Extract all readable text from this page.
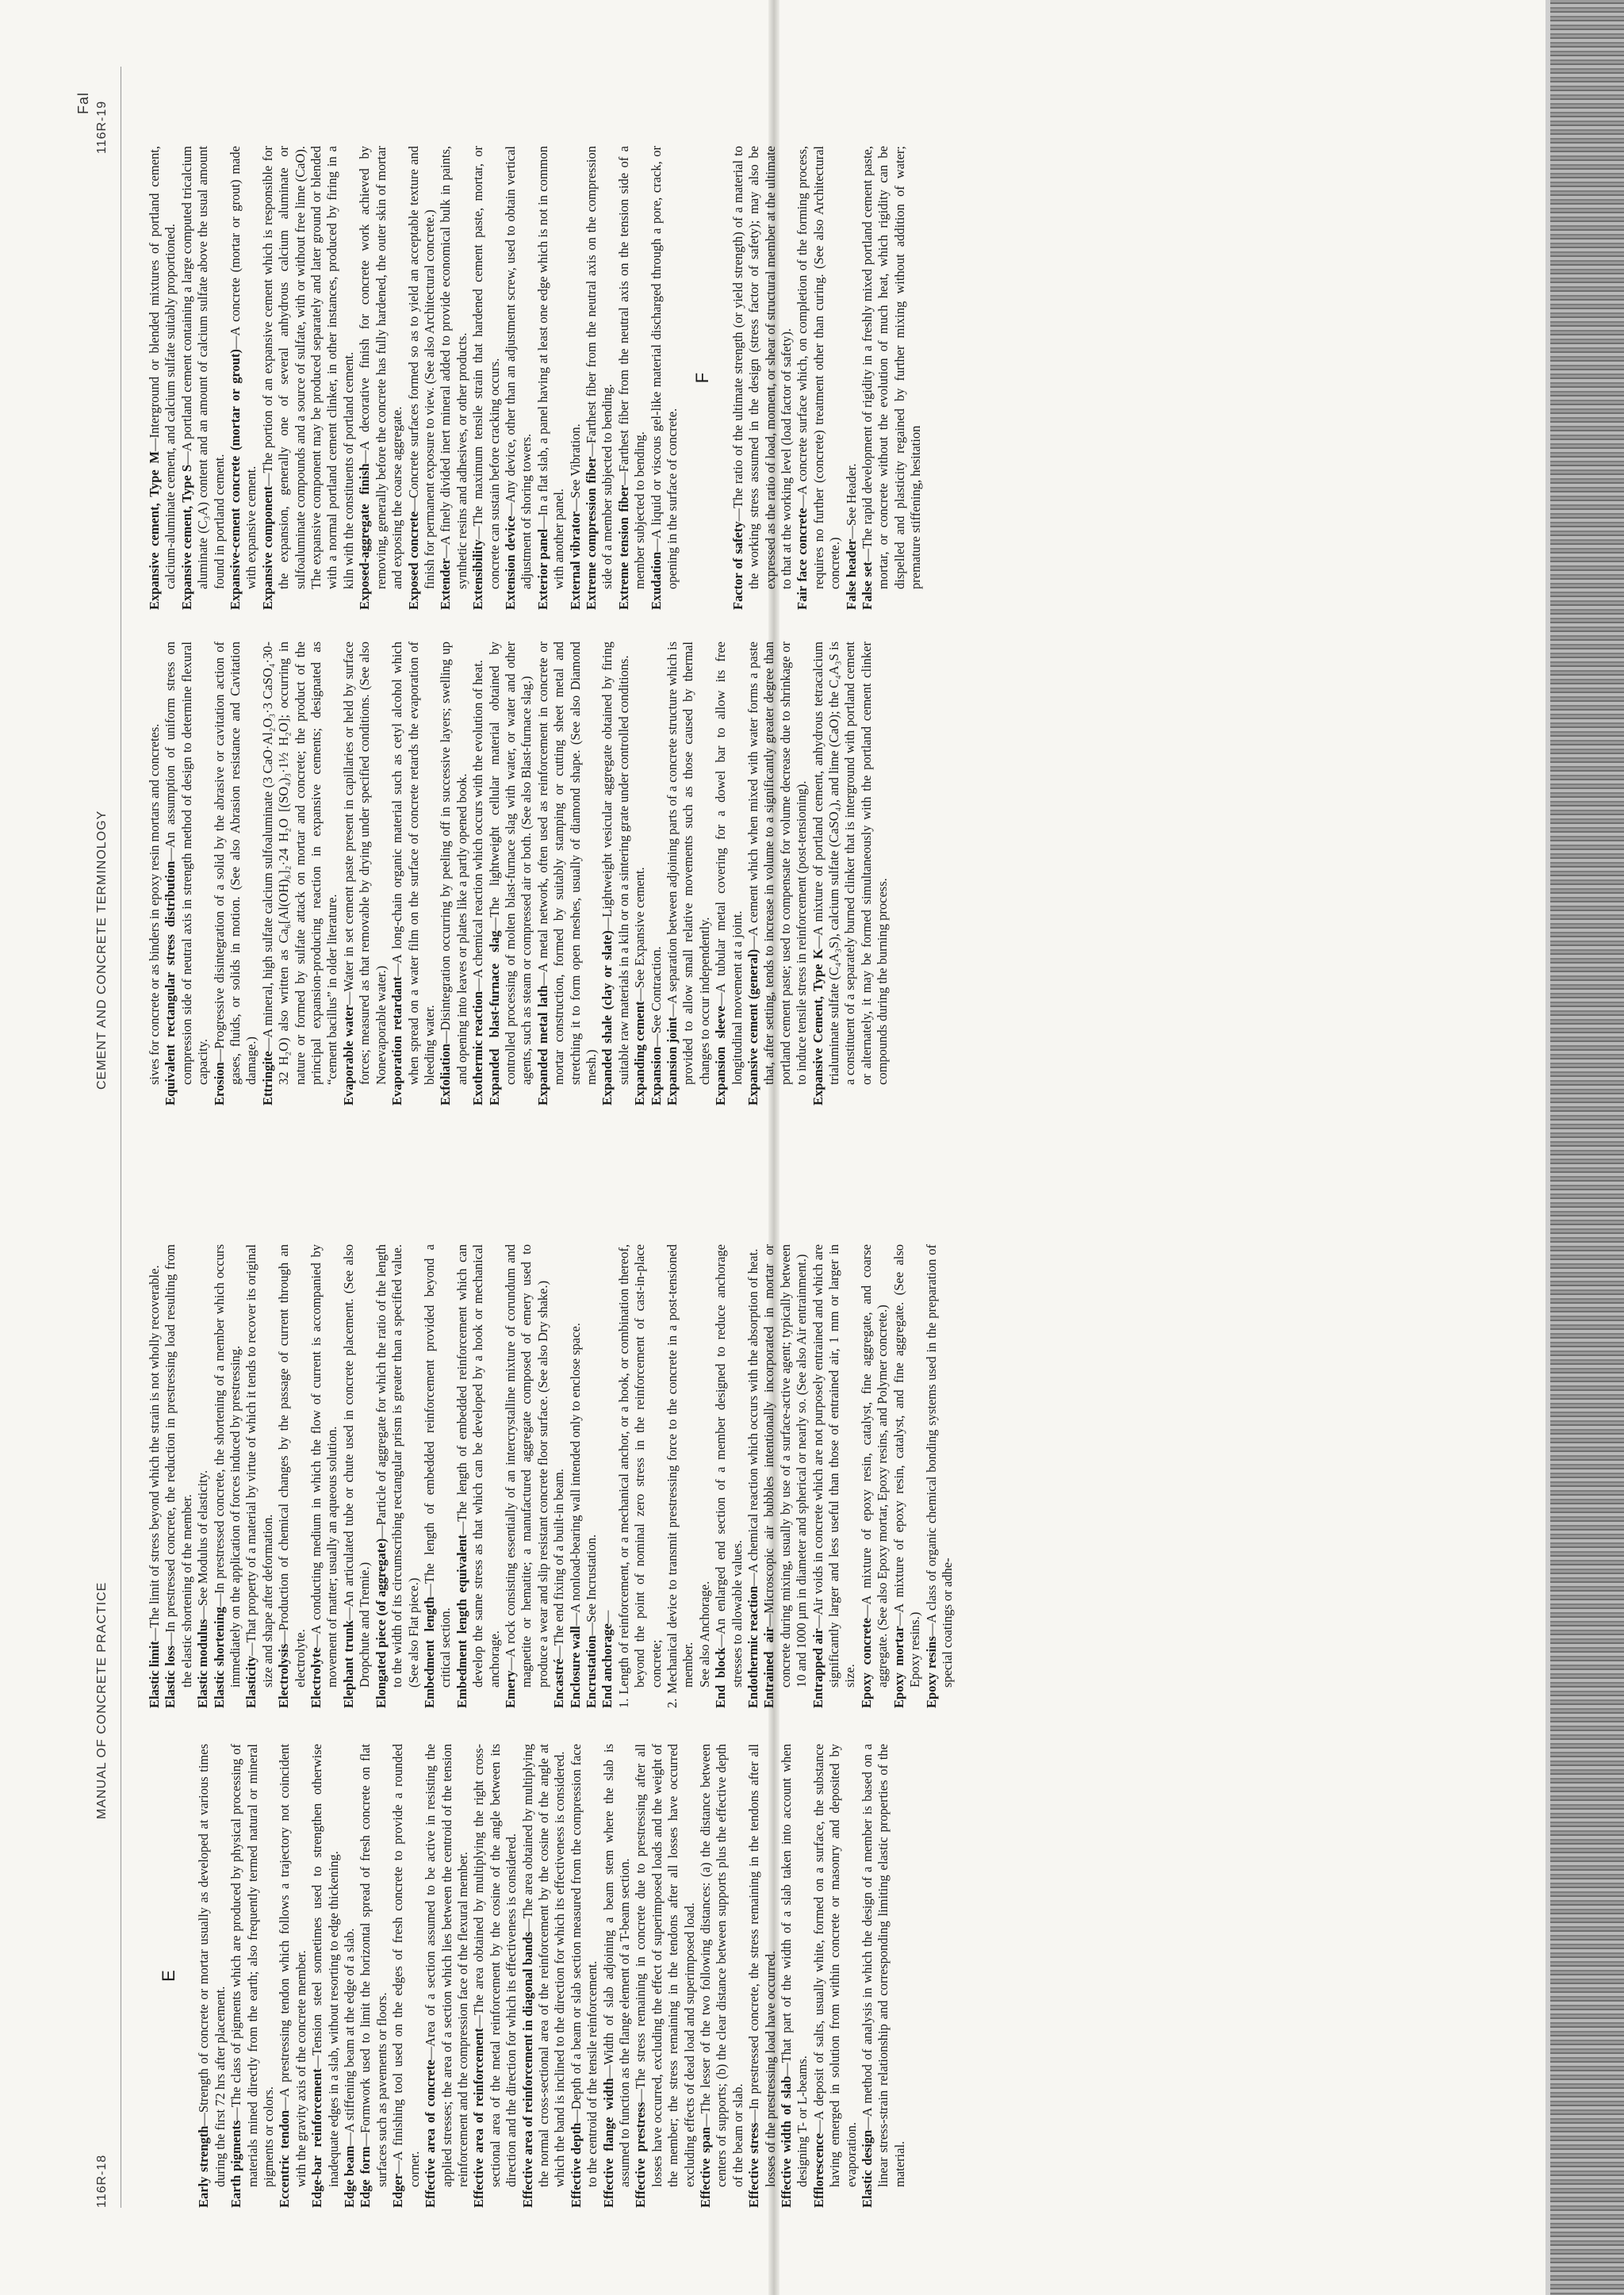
116R-18
MANUAL OF CONCRETE PRACTICE
CEMENT AND CONCRETE TERMINOLOGY
116R-19
Fal
E

Early strength—Strength of concrete or mortar usually as developed at various times during the first 72 hrs after placement. Earth pigments—The class of pigments which are produced by physical processing of materials mined directly from the earth; also frequently termed natural or mineral pigments or colors. Eccentric tendon—A prestressing tendon which follows a trajectory not coincident with the gravity axis of the concrete member. Edge-bar reinforcement—Tension steel sometimes used to strengthen otherwise inadequate edges in a slab, without resorting to edge thickening. Edge beam—A stiffening beam at the edge of a slab.

Edge form—Formwork used to limit the horizontal spread of fresh concrete on flat surfaces such as pavements or floors.

Edger—A finishing tool used on the edges of fresh concrete to provide a rounded corner. Effective area of concrete—Area of a section assumed to be active in resisting the applied stresses; the area of a section which lies between the centroid of the tension reinforcement and the compression face of the flexural member. Effective area of reinforcement—The area obtained by multiplying the right cross-sectional area of the metal reinforcement by the cosine of the angle between its direction and the direction for which its effectiveness is considered. Effective area of reinforcement in diagonal bands—The area obtained by multiplying the normal cross-sectional area of the reinforcement by the cosine of the angle at which the band is inclined to the direction for which its effectiveness is considered. Effective depth—Depth of a beam or slab section measured from the compression face to the centroid of the tensile reinforcement. Effective flange width—Width of slab adjoining a beam stem where the slab is assumed to function as the flange element of a T-beam section. Effective prestress—The stress remaining in concrete due to prestressing after all losses have occurred, excluding the effect of superimposed loads and the weight of the member; the stress remaining in the tendons after all losses have occurred excluding effects of dead load and superimposed load. Effective span—The lesser of the two following distances: (a) the distance between centers of supports; (b) the clear distance between supports plus the effective depth of the beam or slab. Effective stress—In prestressed concrete, the stress remaining in the tendons after all losses of the prestressing load have occurred. Effective width of slab—That part of the width of a slab taken into account when designing T- or L-beams. Efflorescence—A deposit of salts, usually white, formed on a surface, the substance having emerged in solution from within concrete or masonry and deposited by evaporation. Elastic design—A method of analysis in which the design of a member is based on a linear stress-strain relationship and corresponding limiting elastic properties of the material.

Elastic limit—The limit of stress beyond which the strain is not wholly recoverable.

Elastic loss—In prestressed concrete, the reduction in prestressing load resulting from the elastic shortening of the member. Elastic modulus—See Modulus of elasticity.

Elastic shortening—In prestressed concrete, the shortening of a member which occurs immediately on the application of forces induced by prestressing. Elasticity—That property of a material by virtue of which it tends to recover its original size and shape after deformation. Electrolysis—Production of chemical changes by the passage of current through an electrolyte. Electrolyte—A conducting medium in which the flow of current is accompanied by movement of matter; usually an aqueous solution. Elephant trunk—An articulated tube or chute used in concrete placement. (See also Dropchute and Tremie.) Elongated piece (of aggregate)—Particle of aggregate for which the ratio of the length to the width of its circumscribing rectangular prism is greater than a specified value. (See also Flat piece.) Embedment length—The length of embedded reinforcement provided beyond a critical section. Embedment length equivalent—The length of embedded reinforcement which can develop the same stress as that which can be developed by a hook or mechanical anchorage.

Emery—A rock consisting essentially of an intercrystalline mixture of corundum and magnetite or hematite; a manufactured aggregate composed of emery used to produce a wear and slip resistant concrete floor surface. (See also Dry shake.) Encastré—The end fixing of a built-in beam.

Enclosure wall—A nonload-bearing wall intended only to enclose space.

Encrustation—See Incrustation.

End anchorage— 1. Length of reinforcement, or a mechanical anchor, or a hook, or combination thereof, beyond the point of nominal zero stress in the reinforcement of cast-in-place concrete; 2. Mechanical device to transmit prestressing force to the concrete in a post-tensioned member. See also Anchorage. End block—An enlarged end section of a member designed to reduce anchorage stresses to allowable values. Endothermic reaction—A chemical reaction which occurs with the absorption of heat.

Entrained air—Microscopic air bubbles intentionally incorporated in mortar or concrete during mixing, usually by use of a surface-active agent; typically between 10 and 1000 µm in diameter and spherical or nearly so. (See also Air entrainment.) Entrapped air—Air voids in concrete which are not purposely entrained and which are significantly larger and less useful than those of entrained air, 1 mm or larger in size. Epoxy concrete—A mixture of epoxy resin, catalyst, fine aggregate, and coarse aggregate. (See also Epoxy mortar, Epoxy resins, and Polymer concrete.) Epoxy mortar—A mixture of epoxy resin, catalyst, and fine aggregate. (See also Epoxy resins.) Epoxy resins—A class of organic chemical bonding systems used in the preparation of special coatings or adhe-

sives for concrete or as binders in epoxy resin mortars and concretes. Equivalent rectangular stress distribution—An assumption of uniform stress on compression side of neutral axis in strength method of design to determine flexural capacity. Erosion—Progressive disintegration of a solid by the abrasive or cavitation action of gases, fluids, or solids in motion. (See also Abrasion resistance and Cavitation damage.) Ettringite—A mineral, high sulfate calcium sulfoaluminate (3 CaO·Al₂O₃·3 CaSO₄·30-32 H₂O) also written as Ca₆[Al(OH)₆]₂·24 H₂O [(SO₄)₃·1½ H₂O]; occurring in nature or formed by sulfate attack on mortar and concrete; the product of the principal expansion-producing reaction in expansive cements; designated as “cement bacillus” in older literature. Evaporable water—Water in set cement paste present in capillaries or held by surface forces; measured as that removable by drying under specified conditions. (See also Nonevaporable water.) Evaporation retardant—A long-chain organic material such as cetyl alcohol which when spread on a water film on the surface of concrete retards the evaporation of bleeding water. Exfoliation—Disintegration occurring by peeling off in successive layers; swelling up and opening into leaves or plates like a partly opened book. Exothermic reaction—A chemical reaction which occurs with the evolution of heat.

Expanded blast-furnace slag—The lightweight cellular material obtained by controlled processing of molten blast-furnace slag with water, or water and other agents, such as steam or compressed air or both. (See also Blast-furnace slag.) Expanded metal lath—A metal network, often used as reinforcement in concrete or mortar construction, formed by suitably stamping or cutting sheet metal and stretching it to form open meshes, usually of diamond shape. (See also Diamond mesh.) Expanded shale (clay or slate)—Lightweight vesicular aggregate obtained by firing suitable raw materials in a kiln or on a sintering grate under controlled conditions. Expanding cement—See Expansive cement.

Expansion—See Contraction.

Expansion joint—A separation between adjoining parts of a concrete structure which is provided to allow small relative movements such as those caused by thermal changes to occur independently. Expansion sleeve—A tubular metal covering for a dowel bar to allow its free longitudinal movement at a joint. Expansive cement (general)—A cement which when mixed with water forms a paste that, after setting, tends to increase in volume to a significantly greater degree than portland cement paste; used to compensate for volume decrease due to shrinkage or to induce tensile stress in reinforcement (post-tensioning). Expansive Cement, Type K—A mixture of portland cement, anhydrous tetracalcium trialuminate sulfate (C₄A₃S), calcium sulfate (CaSO₄), and lime (CaO); the C₄A₃S is a constituent of a separately burned clinker that is interground with portland cement or alternately, it may be formed simultaneously with the portland cement clinker compounds during the burning process.

Expansive cement, Type M—Interground or blended mixtures of portland cement, calcium-aluminate cement, and calcium sulfate suitably proportioned. Expansive cement, Type S—A portland cement containing a large computed tricalcium aluminate (C₃A) content and an amount of calcium sulfate above the usual amount found in portland cement. Expansive-cement concrete (mortar or grout)—A concrete (mortar or grout) made with expansive cement. Expansive component—The portion of an expansive cement which is responsible for the expansion, generally one of several anhydrous calcium aluminate or sulfoaluminate compounds and a source of sulfate, with or without free lime (CaO). The expansive component may be produced separately and later ground or blended with a normal portland cement clinker, in other instances, produced by firing in a kiln with the constituents of portland cement. Exposed-aggregate finish—A decorative finish for concrete work achieved by removing, generally before the concrete has fully hardened, the outer skin of mortar and exposing the coarse aggregate. Exposed concrete—Concrete surfaces formed so as to yield an acceptable texture and finish for permanent exposure to view. (See also Architectural concrete.) Extender—A finely divided inert mineral added to provide economical bulk in paints, synthetic resins and adhesives, or other products. Extensibility—The maximum tensile strain that hardened cement paste, mortar, or concrete can sustain before cracking occurs. Extension device—Any device, other than an adjustment screw, used to obtain vertical adjustment of shoring towers. Exterior panel—In a flat slab, a panel having at least one edge which is not in common with another panel. External vibrator—See Vibration. Extreme compression fiber—Farthest fiber from the neutral axis on the compression side of a member subjected to bending. Extreme tension fiber—Farthest fiber from the neutral axis on the tension side of a member subjected to bending. Exudation—A liquid or viscous gel-like material discharged through a pore, crack, or opening in the surface of concrete.

F

Factor of safety—The ratio of the ultimate strength (or yield strength) of a material to the working stress assumed in the design (stress factor of safety); may also be expressed as the ratio of load, moment, or shear of structural member at the ultimate to that at the working level (load factor of safety). Fair face concrete—A concrete surface which, on completion of the forming process, requires no further (concrete) treatment other than curing. (See also Architectural concrete.) False header—See Header.

False set—The rapid development of rigidity in a freshly mixed portland cement paste, mortar, or concrete without the evolution of much heat, which rigidity can be dispelled and plasticity regained by further mixing without addition of water; premature stiffening, hesitation
